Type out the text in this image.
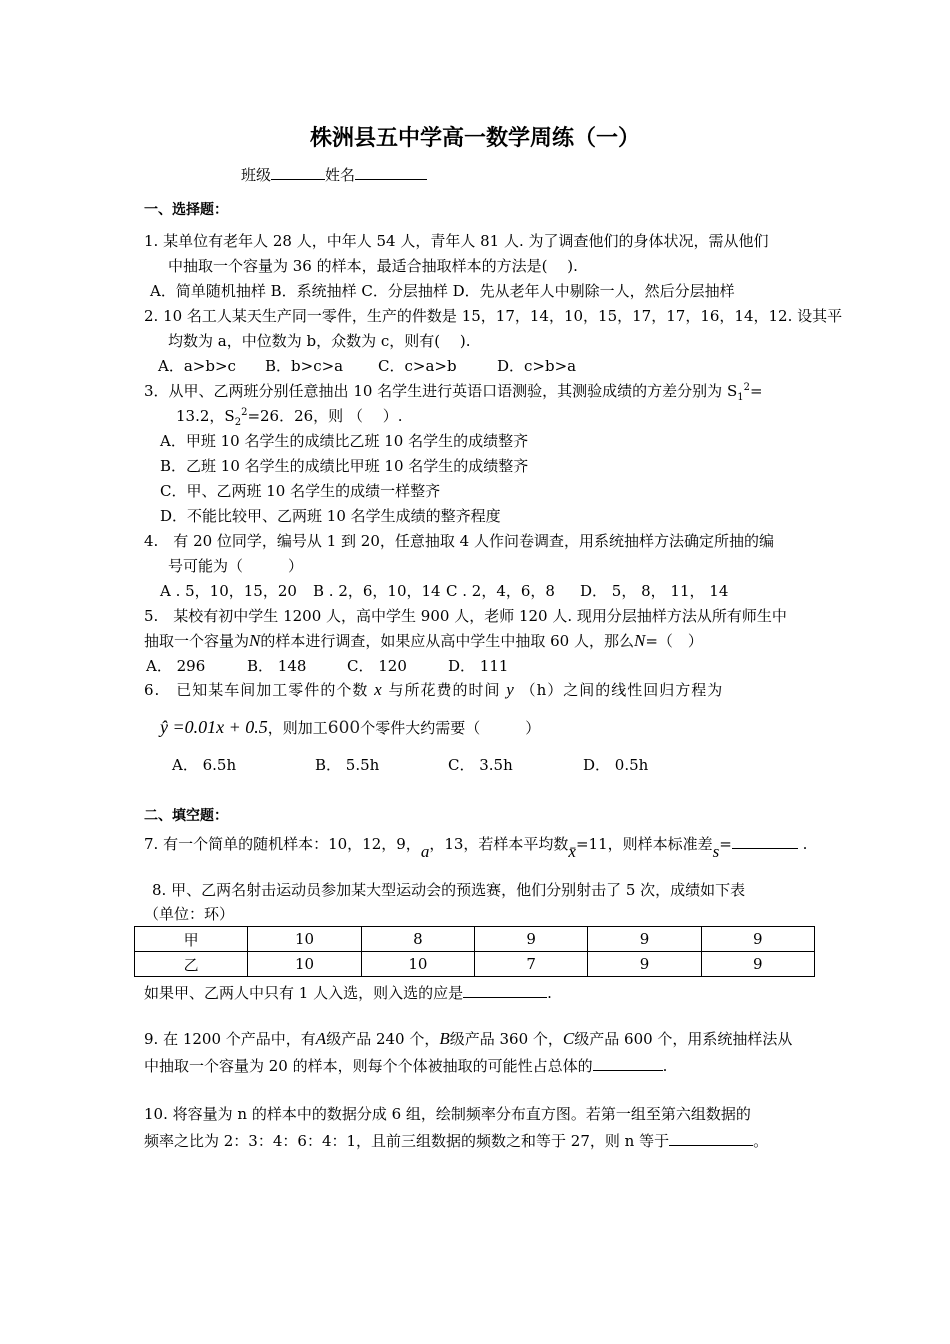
株洲县五中学高一数学周练（一）
班级	姓名
一、选择题：
1. 某单位有老年人 28 人，中年人 54 人，青年人 81 人. 为了调查他们的身体状况，需从他们
中抽取一个容量为 36 的样本，最适合抽取样本的方法是(　 ).
A．简单随机抽样 B．系统抽样 C．分层抽样 D．先从老年人中剔除一人，然后分层抽样
2. 10 名工人某天生产同一零件，生产的件数是 15，17，14，10，15，17，17，16，14，12. 设其平
均数为 a，中位数为 b，众数为 c，则有(　 ).
A．a>b>c B．b>c>a C．c>a>b	D．c>b>a
3．从甲、乙两班分别任意抽出 10 名学生进行英语口语测验，其测验成绩的方差分别为 $S_1^2=$
13.2，$S_2^2=26$．26，则 （　 ）.
A．甲班 10 名学生的成绩比乙班 10 名学生的成绩整齐
B．乙班 10 名学生的成绩比甲班 10 名学生的成绩整齐
C．甲、乙两班 10 名学生的成绩一样整齐
D．不能比较甲、乙两班 10 名学生成绩的整齐程度
4.　有 20 位同学，编号从 1 到 20，任意抽取 4 人作问卷调查，用系统抽样方法确定所抽的编
号可能为（　　　）
A . 5，10，15，20 B . 2，6，10，14 C . 2，4，6，8 D． 5， 8， 11， 14
5.　某校有初中学生 1200 人，高中学生 900 人，老师 120 人. 现用分层抽样方法从所有师生中
抽取一个容量为N的样本进行调查，如果应从高中学生中抽取 60 人，那么N=（　）
A． 296	B． 148	C． 120	D． 111
6.　已知某车间加工零件的个数 x 与所花费的时间 y （h）之间的线性回归方程为
ŷ =0.01x + 0.5，则加工600个零件大约需要（　　　）
A． 6.5h	B． 5.5h	C． 3.5h	D． 0.5h
二、填空题：
7. 有一个简单的随机样本：10，12，9，a，13，若样本平均数x̄=11，则样本标准差s=	.
8. 甲、乙两名射击运动员参加某大型运动会的预选赛，他们分别射击了 5 次，成绩如下表
（单位：环）
甲	10	8	9	9	9
乙	10	10	7	9	9
如果甲、乙两人中只有 1 人入选，则入选的应是	.
9. 在 1200 个产品中，有A级产品 240 个，B级产品 360 个，C级产品 600 个，用系统抽样法从
中抽取一个容量为 20 的样本，则每个个体被抽取的可能性占总体的	.
10. 将容量为 n 的样本中的数据分成 6 组，绘制频率分布直方图。若第一组至第六组数据的
频率之比为 2：3：4：6：4：1，且前三组数据的频数之和等于 27，则 n 等于	。
